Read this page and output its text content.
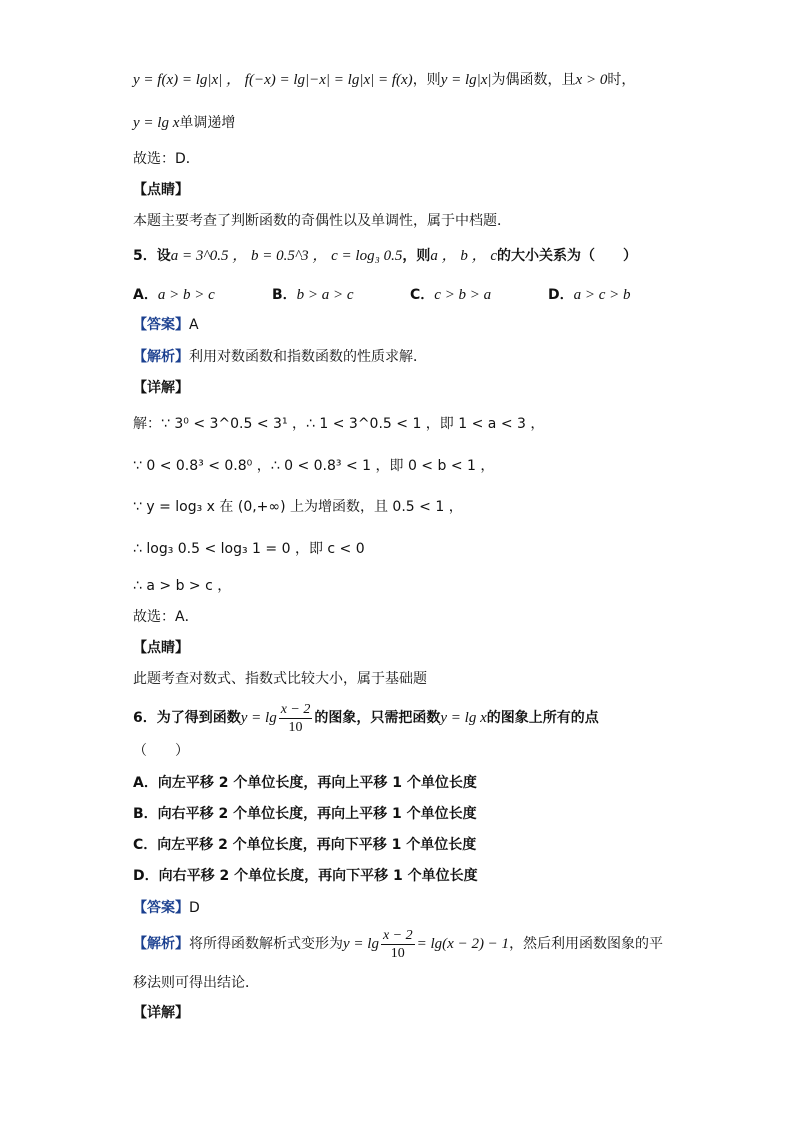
y = f(x) = lg|x| ， f(−x) = lg|−x| = lg|x| = f(x)，则y = lg|x|为偶函数，且x > 0时，
y = lg x单调递增
故选：D．
【点睛】
本题主要考查了判断函数的奇偶性以及单调性，属于中档题．
5．设a = 3^0.5 ， b = 0.5^3 ， c = log₃ 0.5，则a ， b ， c的大小关系为（　　）
A．a > b > c	B．b > a > c	C．c > b > a	D．a > c > b
【答案】A
【解析】利用对数函数和指数函数的性质求解．
【详解】
解：∵ 3⁰ < 3^0.5 < 3¹ ，∴ 1 < 3^0.5 < 1 ，即 1 < a < 3 ，
∵ 0 < 0.8³ < 0.8⁰ ，∴ 0 < 0.8³ < 1 ，即 0 < b < 1 ，
∵ y = log₃ x 在 (0,+∞) 上为增函数，且 0.5 < 1 ，
∴ log₃ 0.5 < log₃ 1 = 0 ，即 c < 0
∴ a > b > c ，
故选：A．
【点睛】
此题考查对数式、指数式比较大小，属于基础题
6．为了得到函数$y = \lg \frac{x - 2}{10}$ 的图象，只需把函数y = lg x的图象上所有的点
（　　）
A．向左平移 2 个单位长度，再向上平移 1 个单位长度
B．向右平移 2 个单位长度，再向上平移 1 个单位长度
C．向左平移 2 个单位长度，再向下平移 1 个单位长度
D．向右平移 2 个单位长度，再向下平移 1 个单位长度
【答案】D
【解析】将所得函数解析式变形为$y = \lg \frac{x - 2}{10} = \lg(x - 2) - 1$，然后利用函数图象的平
移法则可得出结论．
【详解】
